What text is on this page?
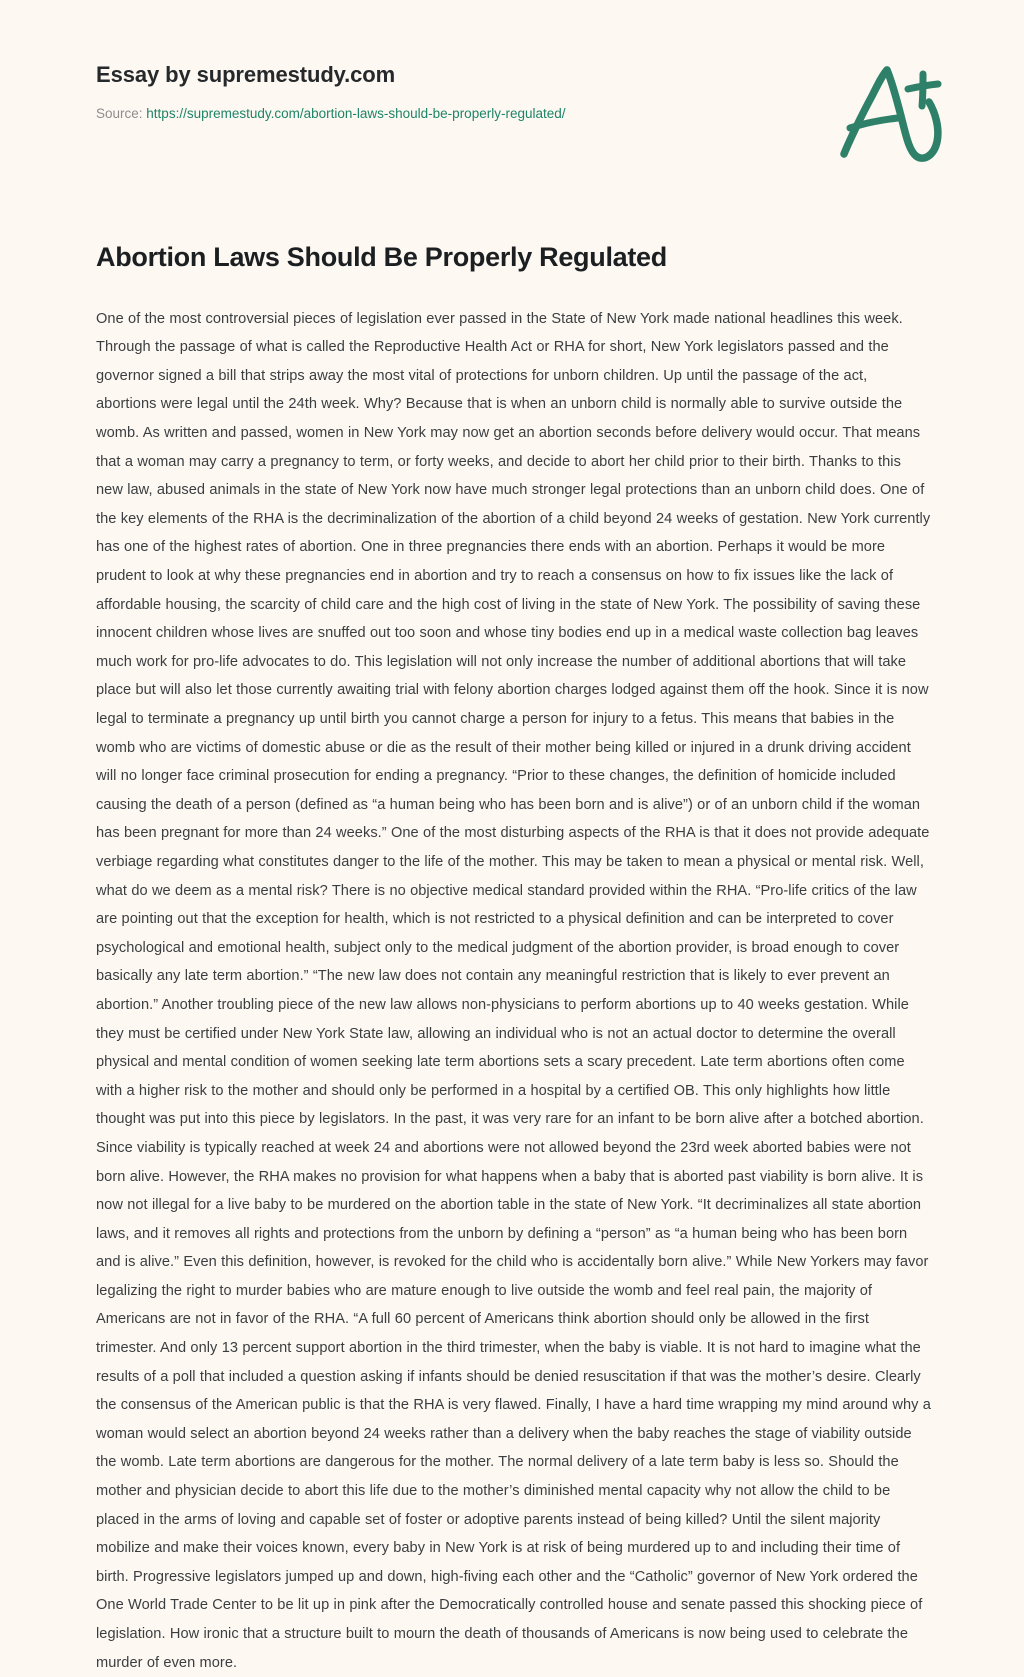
Essay by supremestudy.com
Source: https://supremestudy.com/abortion-laws-should-be-properly-regulated/
Abortion Laws Should Be Properly Regulated

One of the most controversial pieces of legislation ever passed in the State of New York made national headlines this week. Through the passage of what is called the Reproductive Health Act or RHA for short, New York legislators passed and the governor signed a bill that strips away the most vital of protections for unborn children. Up until the passage of the act, abortions were legal until the 24th week. Why? Because that is when an unborn child is normally able to survive outside the womb. As written and passed, women in New York may now get an abortion seconds before delivery would occur. That means that a woman may carry a pregnancy to term, or forty weeks, and decide to abort her child prior to their birth. Thanks to this new law, abused animals in the state of New York now have much stronger legal protections than an unborn child does. One of the key elements of the RHA is the decriminalization of the abortion of a child beyond 24 weeks of gestation. New York currently has one of the highest rates of abortion. One in three pregnancies there ends with an abortion. Perhaps it would be more prudent to look at why these pregnancies end in abortion and try to reach a consensus on how to fix issues like the lack of affordable housing, the scarcity of child care and the high cost of living in the state of New York. The possibility of saving these innocent children whose lives are snuffed out too soon and whose tiny bodies end up in a medical waste collection bag leaves much work for pro-life advocates to do. This legislation will not only increase the number of additional abortions that will take place but will also let those currently awaiting trial with felony abortion charges lodged against them off the hook. Since it is now legal to terminate a pregnancy up until birth you cannot charge a person for injury to a fetus. This means that babies in the womb who are victims of domestic abuse or die as the result of their mother being killed or injured in a drunk driving accident will no longer face criminal prosecution for ending a pregnancy. “Prior to these changes, the definition of homicide included causing the death of a person (defined as “a human being who has been born and is alive”) or of an unborn child if the woman has been pregnant for more than 24 weeks.” One of the most disturbing aspects of the RHA is that it does not provide adequate verbiage regarding what constitutes danger to the life of the mother. This may be taken to mean a physical or mental risk. Well, what do we deem as a mental risk? There is no objective medical standard provided within the RHA. “Pro-life critics of the law are pointing out that the exception for health, which is not restricted to a physical definition and can be interpreted to cover psychological and emotional health, subject only to the medical judgment of the abortion provider, is broad enough to cover basically any late term abortion.” “The new law does not contain any meaningful restriction that is likely to ever prevent an abortion.” Another troubling piece of the new law allows non-physicians to perform abortions up to 40 weeks gestation. While they must be certified under New York State law, allowing an individual who is not an actual doctor to determine the overall physical and mental condition of women seeking late term abortions sets a scary precedent. Late term abortions often come with a higher risk to the mother and should only be performed in a hospital by a certified OB. This only highlights how little thought was put into this piece by legislators. In the past, it was very rare for an infant to be born alive after a botched abortion. Since viability is typically reached at week 24 and abortions were not allowed beyond the 23rd week aborted babies were not born alive. However, the RHA makes no provision for what happens when a baby that is aborted past viability is born alive. It is now not illegal for a live baby to be murdered on the abortion table in the state of New York. “It decriminalizes all state abortion laws, and it removes all rights and protections from the unborn by defining a “person” as “a human being who has been born and is alive.” Even this definition, however, is revoked for the child who is accidentally born alive.” While New Yorkers may favor legalizing the right to murder babies who are mature enough to live outside the womb and feel real pain, the majority of Americans are not in favor of the RHA. “A full 60 percent of Americans think abortion should only be allowed in the first trimester. And only 13 percent support abortion in the third trimester, when the baby is viable. It is not hard to imagine what the results of a poll that included a question asking if infants should be denied resuscitation if that was the mother’s desire. Clearly the consensus of the American public is that the RHA is very flawed. Finally, I have a hard time wrapping my mind around why a woman would select an abortion beyond 24 weeks rather than a delivery when the baby reaches the stage of viability outside the womb. Late term abortions are dangerous for the mother. The normal delivery of a late term baby is less so. Should the mother and physician decide to abort this life due to the mother’s diminished mental capacity why not allow the child to be placed in the arms of loving and capable set of foster or adoptive parents instead of being killed? Until the silent majority mobilize and make their voices known, every baby in New York is at risk of being murdered up to and including their time of birth. Progressive legislators jumped up and down, high-fiving each other and the “Catholic” governor of New York ordered the One World Trade Center to be lit up in pink after the Democratically controlled house and senate passed this shocking piece of legislation. How ironic that a structure built to mourn the death of thousands of Americans is now being used to celebrate the murder of even more.
